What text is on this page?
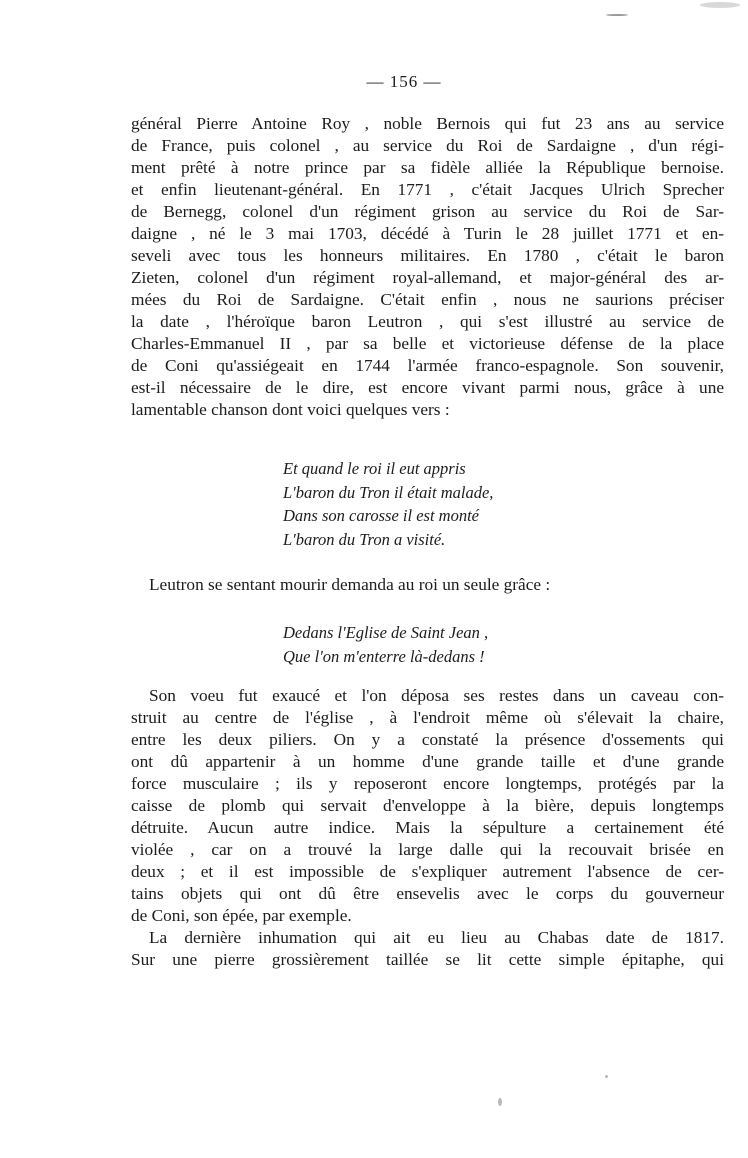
— 156 —
général Pierre Antoine Roy , noble Bernois qui fut 23 ans au service
de France, puis colonel , au service du Roi de Sardaigne , d'un régi-
ment prêté à notre prince par sa fidèle alliée la République bernoise.
et enfin lieutenant-général. En 1771 , c'était Jacques Ulrich Sprecher
de Bernegg, colonel d'un régiment grison au service du Roi de Sar-
daigne , né le 3 mai 1703, décédé à Turin le 28 juillet 1771 et en-
seveli avec tous les honneurs militaires. En 1780 , c'était le baron
Zieten, colonel d'un régiment royal-allemand, et major-général des ar-
mées du Roi de Sardaigne. C'était enfin , nous ne saurions préciser
la date , l'héroïque baron Leutron , qui s'est illustré au service de
Charles-Emmanuel II , par sa belle et victorieuse défense de la place
de Coni qu'assiégeait en 1744 l'armée franco-espagnole. Son souvenir,
est-il nécessaire de le dire, est encore vivant parmi nous, grâce à une
lamentable chanson dont voici quelques vers :
Et quand le roi il eut appris
L'baron du Tron il était malade,
Dans son carosse il est monté
L'baron du Tron a visité.
Leutron se sentant mourir demanda au roi un seule grâce :
Dedans l'Eglise de Saint Jean ,
Que l'on m'enterre là-dedans !
Son voeu fut exaucé et l'on déposa ses restes dans un caveau con-
struit au centre de l'église , à l'endroit même où s'élevait la chaire,
entre les deux piliers. On y a constaté la présence d'ossements qui
ont dû appartenir à un homme d'une grande taille et d'une grande
force musculaire ; ils y reposeront encore longtemps, protégés par la
caisse de plomb qui servait d'enveloppe à la bière, depuis longtemps
détruite. Aucun autre indice. Mais la sépulture a certainement été
violée , car on a trouvé la large dalle qui la recouvait brisée en
deux ; et il est impossible de s'expliquer autrement l'absence de cer-
tains objets qui ont dû être ensevelis avec le corps du gouverneur
de Coni, son épée, par exemple.
La dernière inhumation qui ait eu lieu au Chabas date de 1817.
Sur une pierre grossièrement taillée se lit cette simple épitaphe, qui
